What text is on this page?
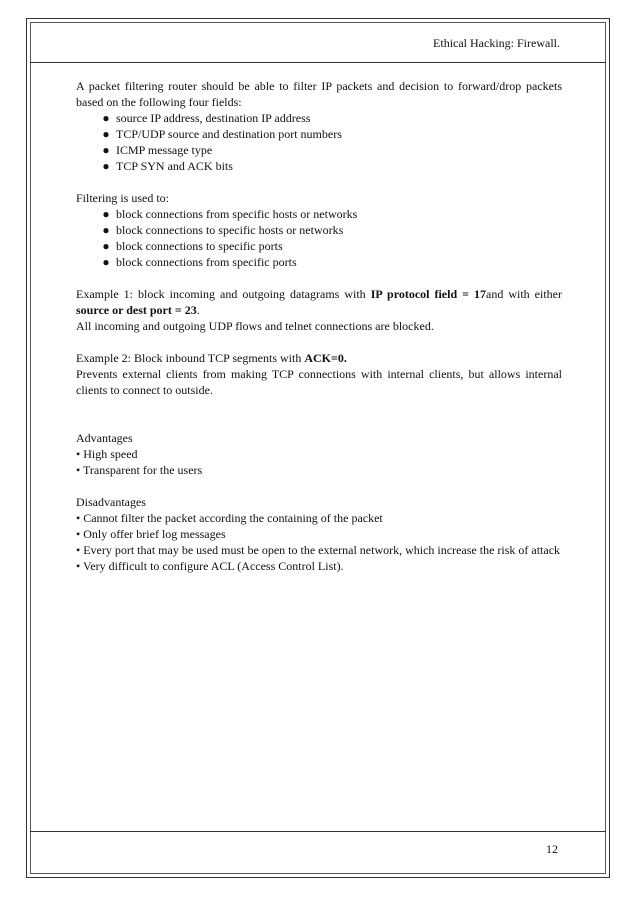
Ethical Hacking: Firewall.

A packet filtering router should be able to filter IP packets and decision to forward/drop packets based on the following four fields:

● source IP address, destination IP address
● TCP/UDP source and destination port numbers
● ICMP message type
● TCP SYN and ACK bits

Filtering is used to:

● block connections from specific hosts or networks
● block connections to specific hosts or networks
● block connections to specific ports
● block connections from specific ports

Example 1: block incoming and outgoing datagrams with IP protocol field = 17and with either source or dest port = 23.

All incoming and outgoing UDP flows and telnet connections are blocked.

Example 2: Block inbound TCP segments with ACK=0.

Prevents external clients from making TCP connections with internal clients, but allows internal clients to connect to outside.

Advantages

• High speed

• Transparent for the users

Disadvantages

• Cannot filter the packet according the containing of the packet

• Only offer brief log messages

• Every port that may be used must be open to the external network, which increase the risk of attack

• Very difficult to configure ACL (Access Control List).

12
